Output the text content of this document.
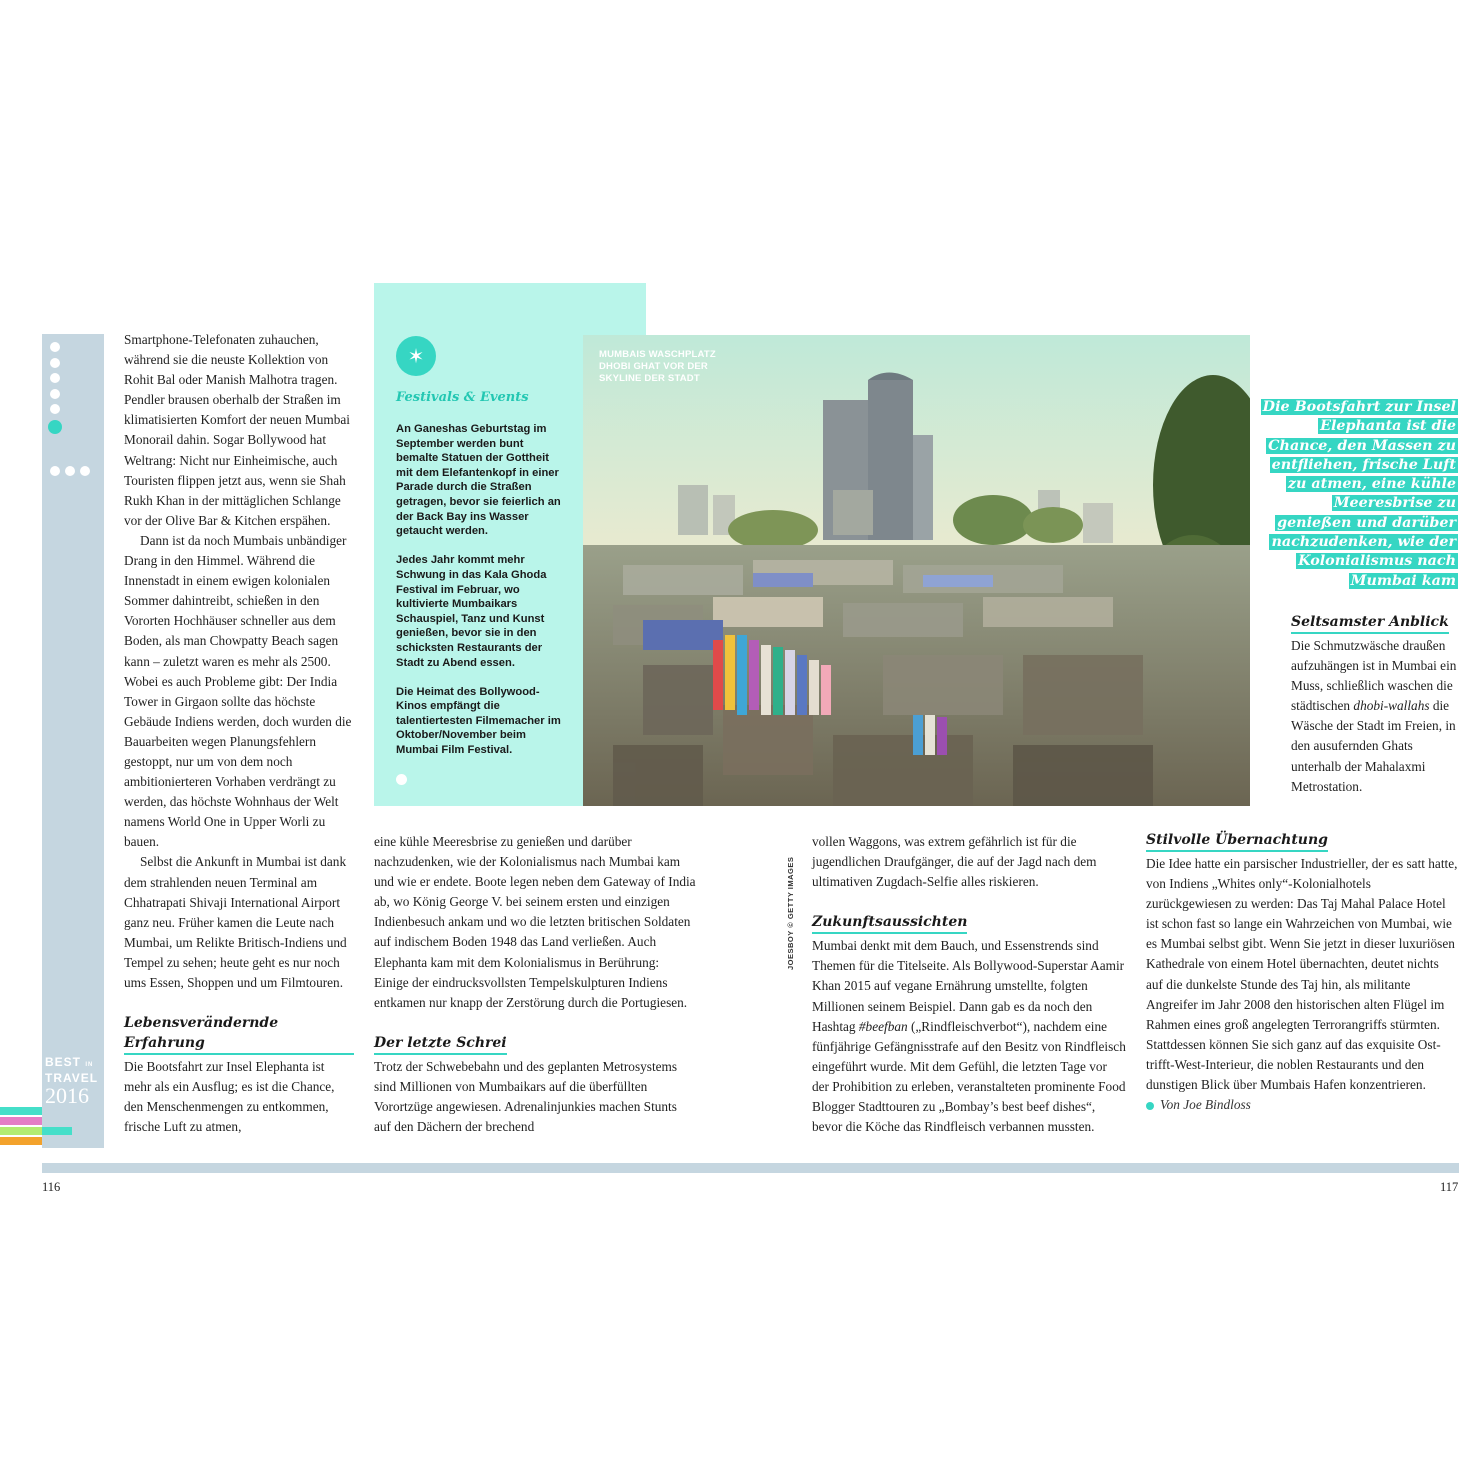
Top 10 Städte
BEST IN
TRAVEL
2016

Smartphone-Telefonaten zuhauchen, während sie die neuste Kollektion von Rohit Bal oder Manish Malhotra tragen. Pendler brausen oberhalb der Straßen im klimatisierten Komfort der neuen Mumbai Monorail dahin. Sogar Bollywood hat Weltrang: Nicht nur Einheimische, auch Touristen flippen jetzt aus, wenn sie Shah Rukh Khan in der mittäglichen Schlange vor der Olive Bar & Kitchen erspähen.

Dann ist da noch Mumbais unbändiger Drang in den Himmel. Während die Innenstadt in einem ewigen kolonialen Sommer dahintreibt, schießen in den Vororten Hochhäuser schneller aus dem Boden, als man Chowpatty Beach sagen kann – zuletzt waren es mehr als 2500. Wobei es auch Probleme gibt: Der India Tower in Girgaon sollte das höchste Gebäude Indiens werden, doch wurden die Bauarbeiten wegen Planungsfehlern gestoppt, nur um von dem noch ambitionierteren Vorhaben verdrängt zu werden, das höchste Wohnhaus der Welt namens World One in Upper Worli zu bauen.

Selbst die Ankunft in Mumbai ist dank dem strahlenden neuen Terminal am Chhatrapati Shivaji International Airport ganz neu. Früher kamen die Leute nach Mumbai, um Relikte Britisch-Indiens und Tempel zu sehen; heute geht es nur noch ums Essen, Shoppen und um Filmtouren.

Lebensverändernde Erfahrung

Die Bootsfahrt zur Insel Elephanta ist mehr als ein Ausflug; es ist die Chance, den Menschenmengen zu entkommen, frische Luft zu atmen,

✶
Festivals & Events

An Ganeshas Geburtstag im September werden bunt bemalte Statuen der Gottheit mit dem Elefantenkopf in einer Parade durch die Straßen getragen, bevor sie feierlich an der Back Bay ins Wasser getaucht werden.

Jedes Jahr kommt mehr Schwung in das Kala Ghoda Festival im Februar, wo kultivierte Mumbaikars Schauspiel, Tanz und Kunst genießen, bevor sie in den schicksten Restaurants der Stadt zu Abend essen.

Die Heimat des Bollywood-Kinos empfängt die talentiertesten Filmemacher im Oktober/November beim Mumbai Film Festival.

MUMBAIS WASCHPLATZ
DHOBI GHAT VOR DER
SKYLINE DER STADT
Die Bootsfahrt zur Insel Elephanta ist die Chance, den Massen zu entfliehen, frische Luft zu atmen, eine kühle Meeresbrise zu genießen und darüber nachzudenken, wie der Kolonialismus nach Mumbai kam
Seltsamster Anblick

Die Schmutzwäsche draußen aufzuhängen ist in Mumbai ein Muss, schließlich waschen die städtischen dhobi-wallahs die Wäsche der Stadt im Freien, in den ausufernden Ghats unterhalb der Mahalaxmi Metrostation.

eine kühle Meeresbrise zu genießen und darüber nachzudenken, wie der Kolonialismus nach Mumbai kam und wie er endete. Boote legen neben dem Gateway of India ab, wo König George V. bei seinem ersten und einzigen Indienbesuch ankam und wo die letzten britischen Soldaten auf indischem Boden 1948 das Land verließen. Auch Elephanta kam mit dem Kolonialismus in Berührung: Einige der eindrucksvollsten Tempelskulpturen Indiens entkamen nur knapp der Zerstörung durch die Portugiesen.

Der letzte Schrei

Trotz der Schwebebahn und des geplanten Metrosystems sind Millionen von Mumbaikars auf die überfüllten Vorortzüge angewiesen. Adrenalinjunkies machen Stunts auf den Dächern der brechend

JOESBOY © GETTY IMAGES

vollen Waggons, was extrem gefährlich ist für die jugendlichen Draufgänger, die auf der Jagd nach dem ultimativen Zugdach-Selfie alles riskieren.

Zukunftsaussichten

Mumbai denkt mit dem Bauch, und Essenstrends sind Themen für die Titelseite. Als Bollywood-Superstar Aamir Khan 2015 auf vegane Ernährung umstellte, folgten Millionen seinem Beispiel. Dann gab es da noch den Hashtag #beefban („Rindfleischverbot“), nachdem eine fünfjährige Gefängnisstrafe auf den Besitz von Rindfleisch eingeführt wurde. Mit dem Gefühl, die letzten Tage vor der Prohibition zu erleben, veranstalteten prominente Food Blogger Stadttouren zu „Bombay’s best beef dishes“, bevor die Köche das Rindfleisch verbannen mussten.

Stilvolle Übernachtung

Die Idee hatte ein parsischer Industrieller, der es satt hatte, von Indiens „Whites only“-Kolonialhotels zurückgewiesen zu werden: Das Taj Mahal Palace Hotel ist schon fast so lange ein Wahrzeichen von Mumbai, wie es Mumbai selbst gibt. Wenn Sie jetzt in dieser luxuriösen Kathedrale von einem Hotel übernachten, deutet nichts auf die dunkelste Stunde des Taj hin, als militante Angreifer im Jahr 2008 den historischen alten Flügel im Rahmen eines groß angelegten Terrorangriffs stürmten. Stattdessen können Sie sich ganz auf das exquisite Ost-trifft-West-Interieur, die noblen Restaurants und den dunstigen Blick über Mumbais Hafen konzentrieren.

Von Joe Bindloss

116	117
